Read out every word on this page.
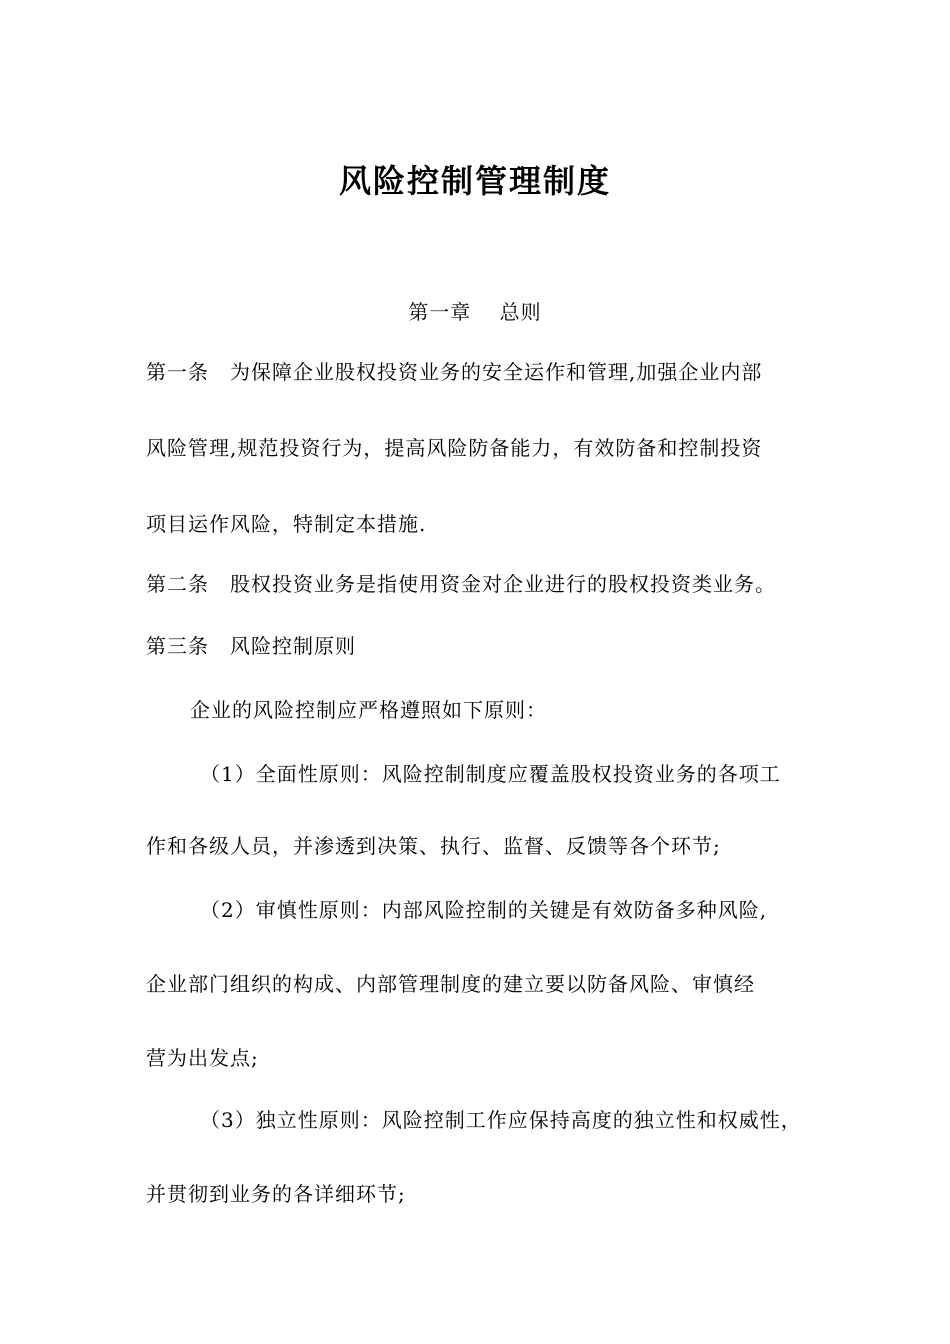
风险控制管理制度
第一章　 总则
第一条　为保障企业股权投资业务的安全运作和管理,加强企业内部
风险管理,规范投资行为，提高风险防备能力，有效防备和控制投资
项目运作风险，特制定本措施.
第二条　股权投资业务是指使用资金对企业进行的股权投资类业务。
第三条　风险控制原则
企业的风险控制应严格遵照如下原则：
（1）全面性原则：风险控制制度应覆盖股权投资业务的各项工
作和各级人员，并渗透到决策、执行、监督、反馈等各个环节;
（2）审慎性原则：内部风险控制的关键是有效防备多种风险,
企业部门组织的构成、内部管理制度的建立要以防备风险、审慎经
营为出发点;
（3）独立性原则：风险控制工作应保持高度的独立性和权威性，
并贯彻到业务的各详细环节;
